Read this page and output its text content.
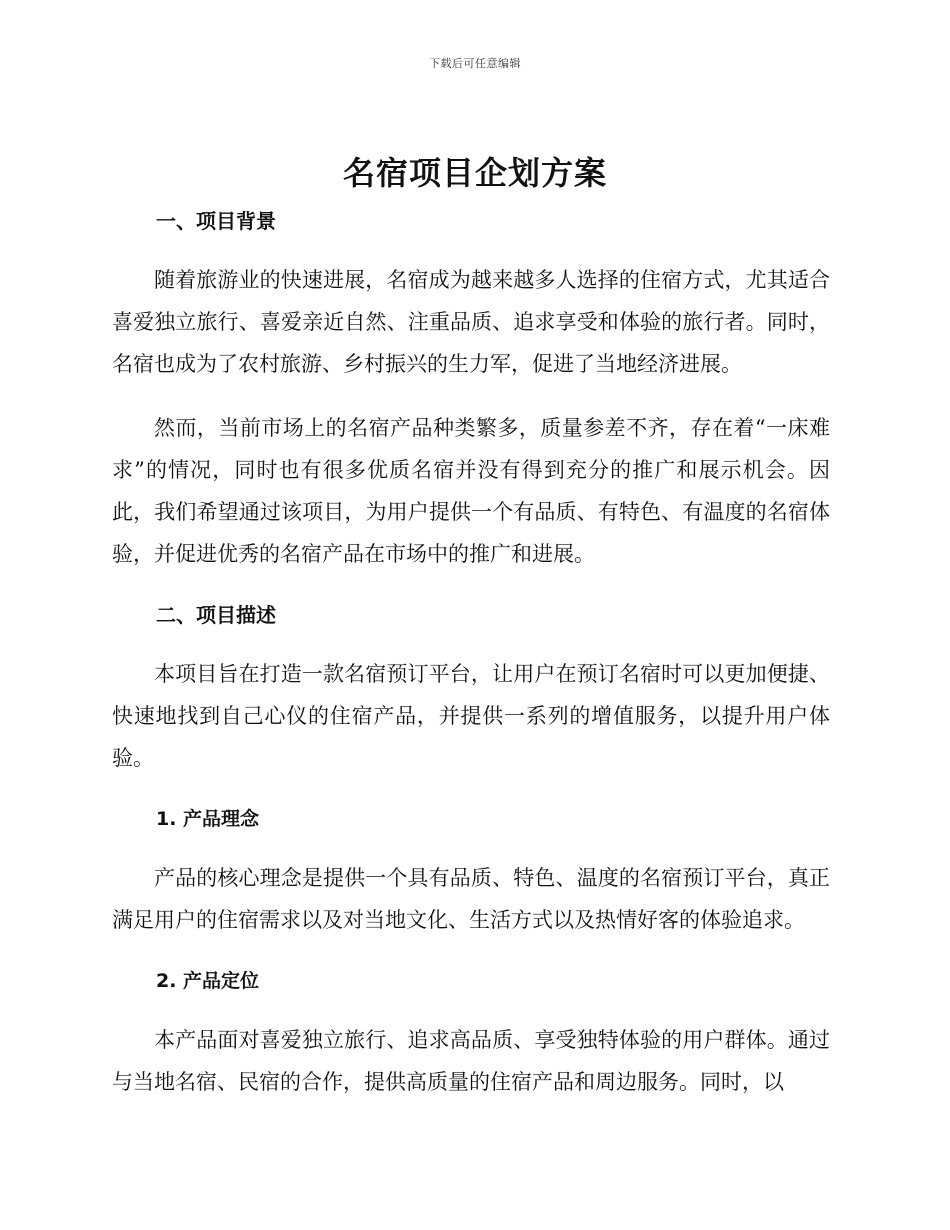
下载后可任意编辑
名宿项目企划方案
一、项目背景

随着旅游业的快速进展，名宿成为越来越多人选择的住宿方式，尤其适合喜爱独立旅行、喜爱亲近自然、注重品质、追求享受和体验的旅行者。同时，名宿也成为了农村旅游、乡村振兴的生力军，促进了当地经济进展。

然而，当前市场上的名宿产品种类繁多，质量参差不齐，存在着“一床难求”的情况，同时也有很多优质名宿并没有得到充分的推广和展示机会。因此，我们希望通过该项目，为用户提供一个有品质、有特色、有温度的名宿体验，并促进优秀的名宿产品在市场中的推广和进展。

二、项目描述

本项目旨在打造一款名宿预订平台，让用户在预订名宿时可以更加便捷、快速地找到自己心仪的住宿产品，并提供一系列的增值服务，以提升用户体验。

1. 产品理念

产品的核心理念是提供一个具有品质、特色、温度的名宿预订平台，真正满足用户的住宿需求以及对当地文化、生活方式以及热情好客的体验追求。

2. 产品定位

本产品面对喜爱独立旅行、追求高品质、享受独特体验的用户群体。通过与当地名宿、民宿的合作，提供高质量的住宿产品和周边服务。同时，以
